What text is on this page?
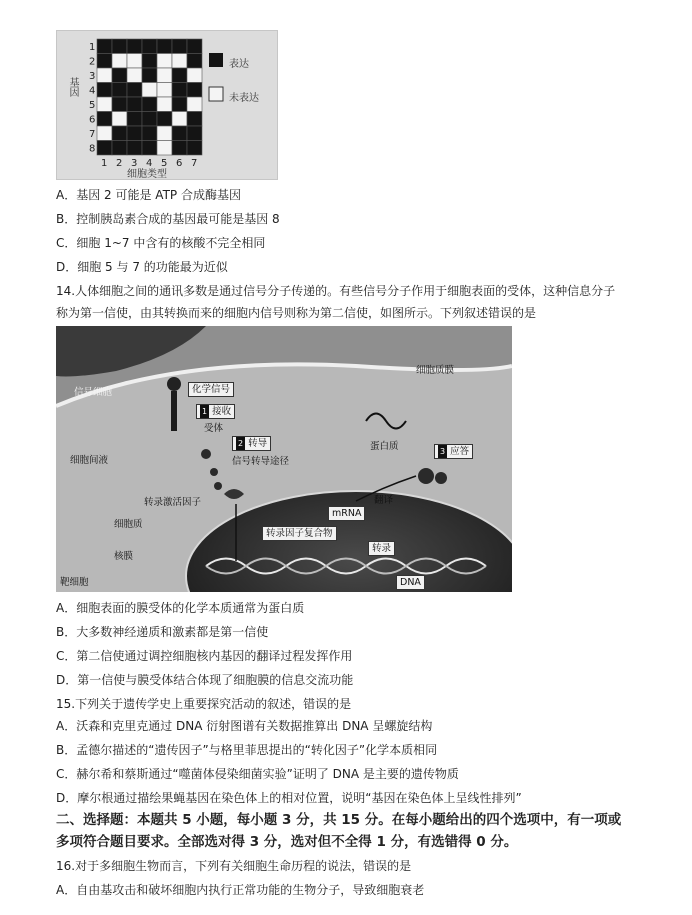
1
2
3
4
5
6
7
8
1 2 3 4 5 6 7
基因
细胞类型
表达
未表达
A．基因 2 可能是 ATP 合成酶基因
B．控制胰岛素合成的基因最可能是基因 8
C．细胞 1~7 中含有的核酸不完全相同
D．细胞 5 与 7 的功能最为近似
14.人体细胞之间的通讯多数是通过信号分子传递的。有些信号分子作用于细胞表面的受体，这种信息分子
称为第一信使，由其转换而来的细胞内信号则称为第二信使，如图所示。下列叙述错误的是
细胞质膜
信号细胞	化学信号
1 接收
受体
2 转导
信号转导途径
细胞间液
蛋白质	3 应答
转录激活因子
细胞质
翻译
mRNA
转录因子复合物
核膜
转录
靶细胞	DNA
A．细胞表面的膜受体的化学本质通常为蛋白质
B．大多数神经递质和激素都是第一信使
C．第二信使通过调控细胞核内基因的翻译过程发挥作用
D．第一信使与膜受体结合体现了细胞膜的信息交流功能
15.下列关于遗传学史上重要探究活动的叙述，错误的是
A．沃森和克里克通过 DNA 衍射图谱有关数据推算出 DNA 呈螺旋结构
B．孟德尔描述的“遗传因子”与格里菲思提出的“转化因子”化学本质相同
C．赫尔希和蔡斯通过“噬菌体侵染细菌实验”证明了 DNA 是主要的遗传物质
D．摩尔根通过描绘果蝇基因在染色体上的相对位置，说明“基因在染色体上呈线性排列”
二、选择题：本题共 5 小题，每小题 3 分，共 15 分。在每小题给出的四个选项中，有一项或
多项符合题目要求。全部选对得 3 分，选对但不全得 1 分，有选错得 0 分。
16.对于多细胞生物而言，下列有关细胞生命历程的说法，错误的是
A．自由基攻击和破坏细胞内执行正常功能的生物分子，导致细胞衰老
